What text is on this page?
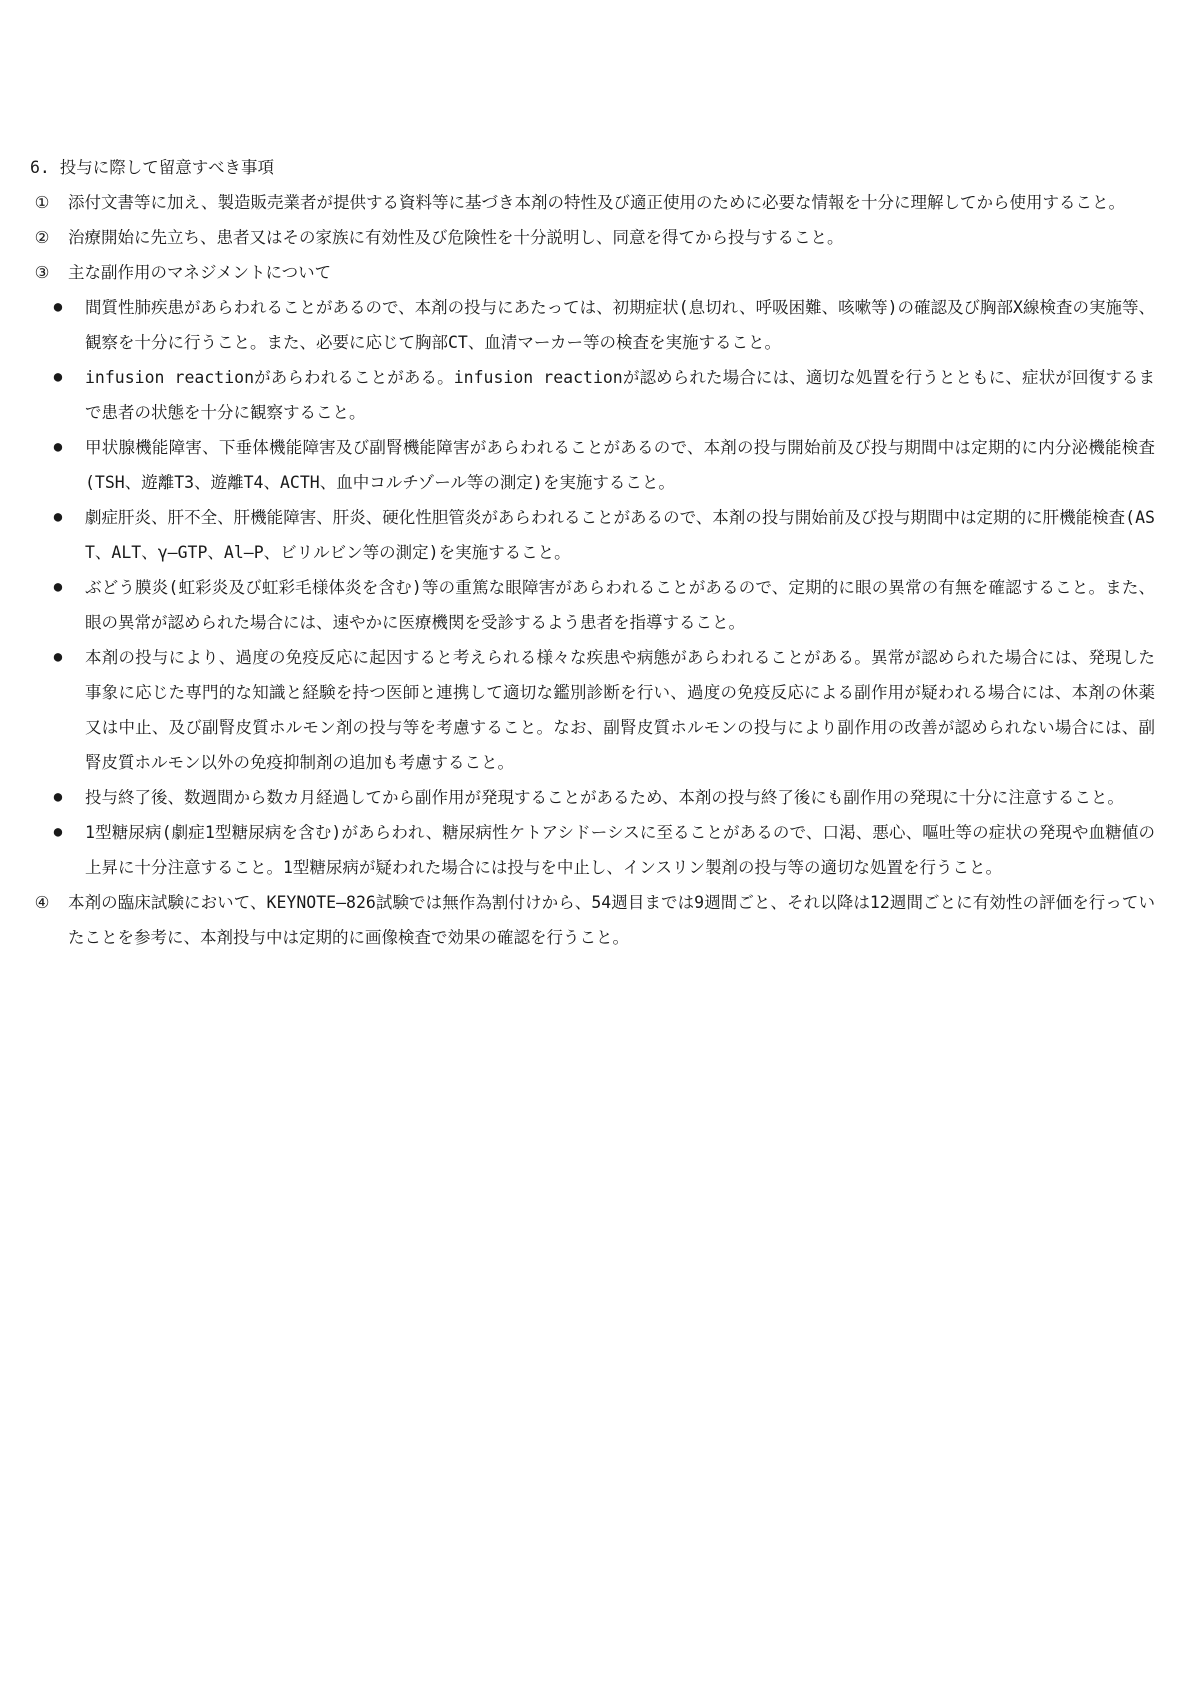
6. 投与に際して留意すべき事項

① 添付文書等に加え、製造販売業者が提供する資料等に基づき本剤の特性及び適正使用のために必要な情報を十分に理解してから使用すること。
② 治療開始に先立ち、患者又はその家族に有効性及び危険性を十分説明し、同意を得てから投与すること。
③ 主な副作用のマネジメントについて
● 間質性肺疾患があらわれることがあるので、本剤の投与にあたっては、初期症状(息切れ、呼吸困難、咳嗽等)の確認及び胸部X線検査の実施等、観察を十分に行うこと。また、必要に応じて胸部CT、血清マーカー等の検査を実施すること。
● infusion reactionがあらわれることがある。infusion reactionが認められた場合には、適切な処置を行うとともに、症状が回復するまで患者の状態を十分に観察すること。
● 甲状腺機能障害、下垂体機能障害及び副腎機能障害があらわれることがあるので、本剤の投与開始前及び投与期間中は定期的に内分泌機能検査(TSH、遊離T3、遊離T4、ACTH、血中コルチゾール等の測定)を実施すること。
● 劇症肝炎、肝不全、肝機能障害、肝炎、硬化性胆管炎があらわれることがあるので、本剤の投与開始前及び投与期間中は定期的に肝機能検査(AST、ALT、γ—GTP、Al—P、ビリルビン等の測定)を実施すること。
● ぶどう膜炎(虹彩炎及び虹彩毛様体炎を含む)等の重篤な眼障害があらわれることがあるので、定期的に眼の異常の有無を確認すること。また、眼の異常が認められた場合には、速やかに医療機関を受診するよう患者を指導すること。
● 本剤の投与により、過度の免疫反応に起因すると考えられる様々な疾患や病態があらわれることがある。異常が認められた場合には、発現した事象に応じた専門的な知識と経験を持つ医師と連携して適切な鑑別診断を行い、過度の免疫反応による副作用が疑われる場合には、本剤の休薬又は中止、及び副腎皮質ホルモン剤の投与等を考慮すること。なお、副腎皮質ホルモンの投与により副作用の改善が認められない場合には、副腎皮質ホルモン以外の免疫抑制剤の追加も考慮すること。
● 投与終了後、数週間から数カ月経過してから副作用が発現することがあるため、本剤の投与終了後にも副作用の発現に十分に注意すること。
● 1型糖尿病(劇症1型糖尿病を含む)があらわれ、糖尿病性ケトアシドーシスに至ることがあるので、口渇、悪心、嘔吐等の症状の発現や血糖値の上昇に十分注意すること。1型糖尿病が疑われた場合には投与を中止し、インスリン製剤の投与等の適切な処置を行うこと。
④ 本剤の臨床試験において、KEYNOTE—826試験では無作為割付けから、54週目までは9週間ごと、それ以降は12週間ごとに有効性の評価を行っていたことを参考に、本剤投与中は定期的に画像検査で効果の確認を行うこと。
